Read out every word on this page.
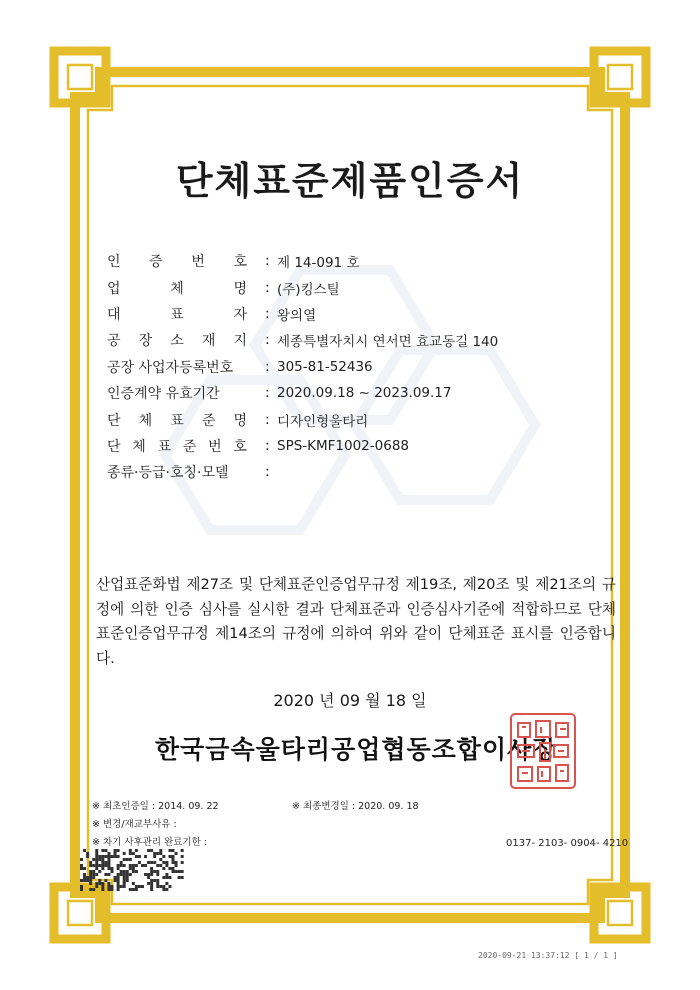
단체표준제품인증서
인 증 번 호 : 제 14-091 호
업	체	명 : (주)킹스틸
대	표	자 : 왕의열
공 장 소 재 지 : 세종특별자치시 연서면 효교동길 140
공장 사업자등록번호	: 305-81-52436
인증계약 유효기간	: 2020.09.18 ~ 2023.09.17
단 체 표 준 명 : 디자인형울타리
단 체 표 준 번 호 : SPS-KMF1002-0688
종류·등급·호칭·모델	:
산업표준화법 제27조 및 단체표준인증업무규정 제19조, 제20조 및 제21조의 규정에 의한 인증 심사를 실시한 결과 단체표준과 인증심사기준에 적합하므로 단체표준인증업무규정 제14조의 규정에 의하여 위와 같이 단체표준 표시를 인증합니다.
2020 년 09 월 18 일
한국금속울타리공업협동조합이사장
※ 최초인증일 : 2014. 09. 22	※ 최종변경일 : 2020. 09. 18
※ 변경/재교부사유 :
※ 차기 사후관리 완료기한 :	0137- 2103- 0904- 4210
2020-09-21 13:37:12 [ 1 / 1 ]
